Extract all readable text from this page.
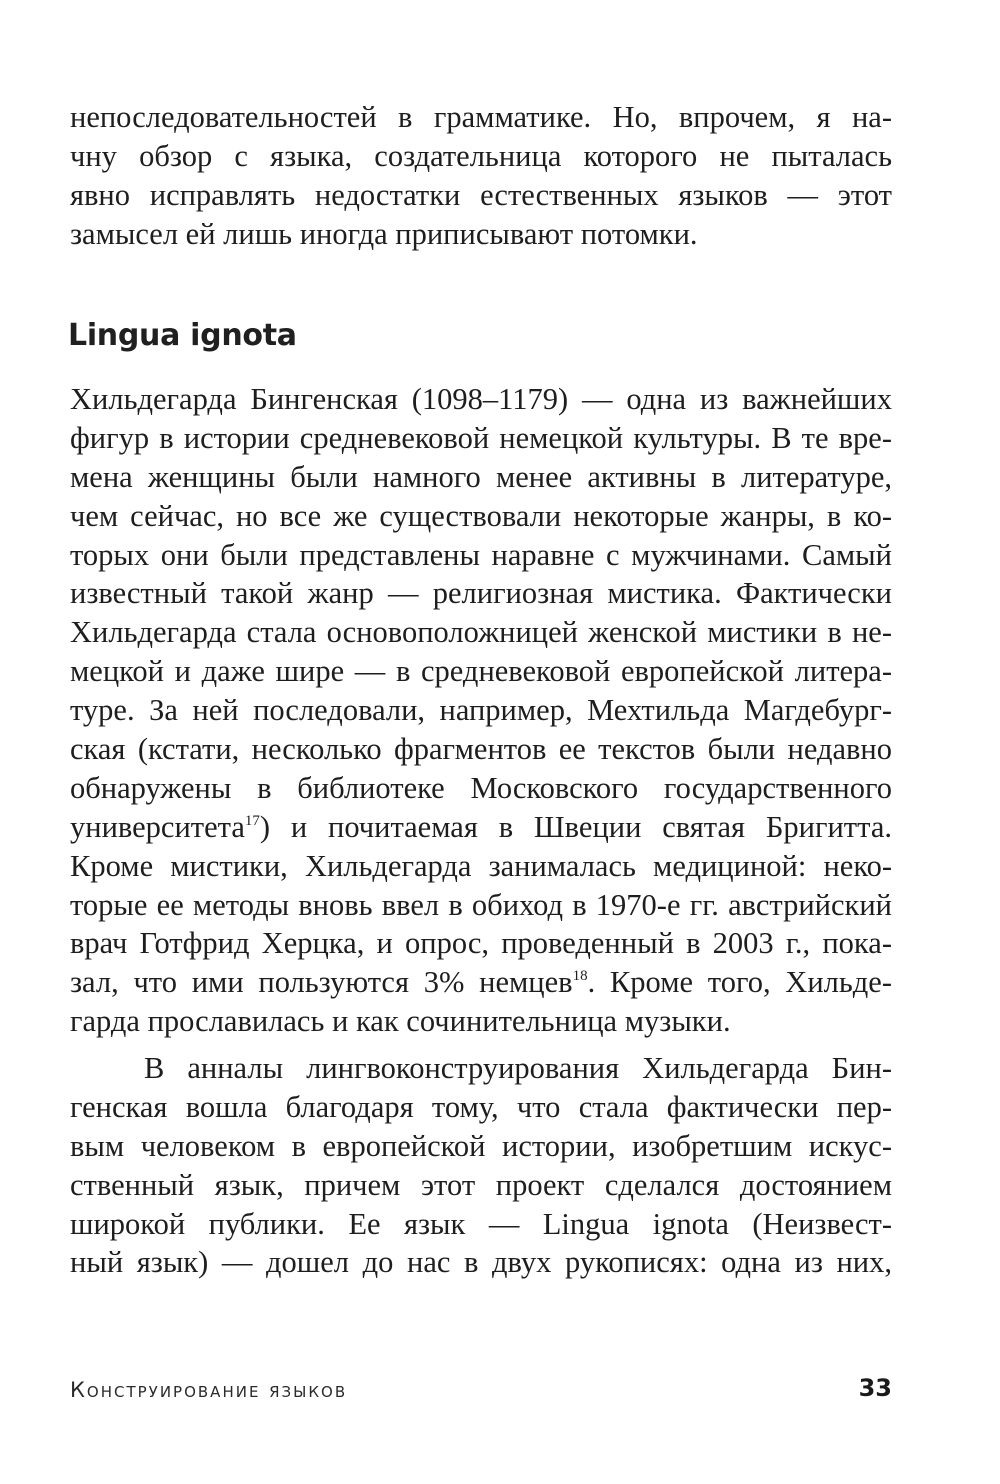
непоследовательностей в грамматике. Но, впрочем, я на-
чну обзор с языка, создательница которого не пыталась
явно исправлять недостатки естественных языков — этот
замысел ей лишь иногда приписывают потомки.
Lingua ignota
Хильдегарда Бингенская (1098–1179) — одна из важнейших
фигур в истории средневековой немецкой культуры. В те вре-
мена женщины были намного менее активны в литературе,
чем сейчас, но все же существовали некоторые жанры, в ко-
торых они были представлены наравне с мужчинами. Самый
известный такой жанр — религиозная мистика. Фактически
Хильдегарда стала основоположницей женской мистики в не-
мецкой и даже шире — в средневековой европейской литера-
туре. За ней последовали, например, Мехтильда Магдебург-
ская (кстати, несколько фрагментов ее текстов были недавно
обнаружены в библиотеке Московского государственного
университета$^{17}$) и почитаемая в Швеции святая Бригитта.
Кроме мистики, Хильдегарда занималась медициной: неко-
торые ее методы вновь ввел в обиход в 1970-е гг. австрийский
врач Готфрид Херцка, и опрос, проведенный в 2003 г., пока-
зал, что ими пользуются 3% немцев$^{18}$. Кроме того, Хильде-
гарда прославилась и как сочинительница музыки.
В анналы лингвоконструирования Хильдегарда Бин-
генская вошла благодаря тому, что стала фактически пер-
вым человеком в европейской истории, изобретшим искус-
ственный язык, причем этот проект сделался достоянием
широкой публики. Ее язык — Lingua ignota (Неизвест-
ный язык) — дошел до нас в двух рукописях: одна из них,
Конструирование языков	33
